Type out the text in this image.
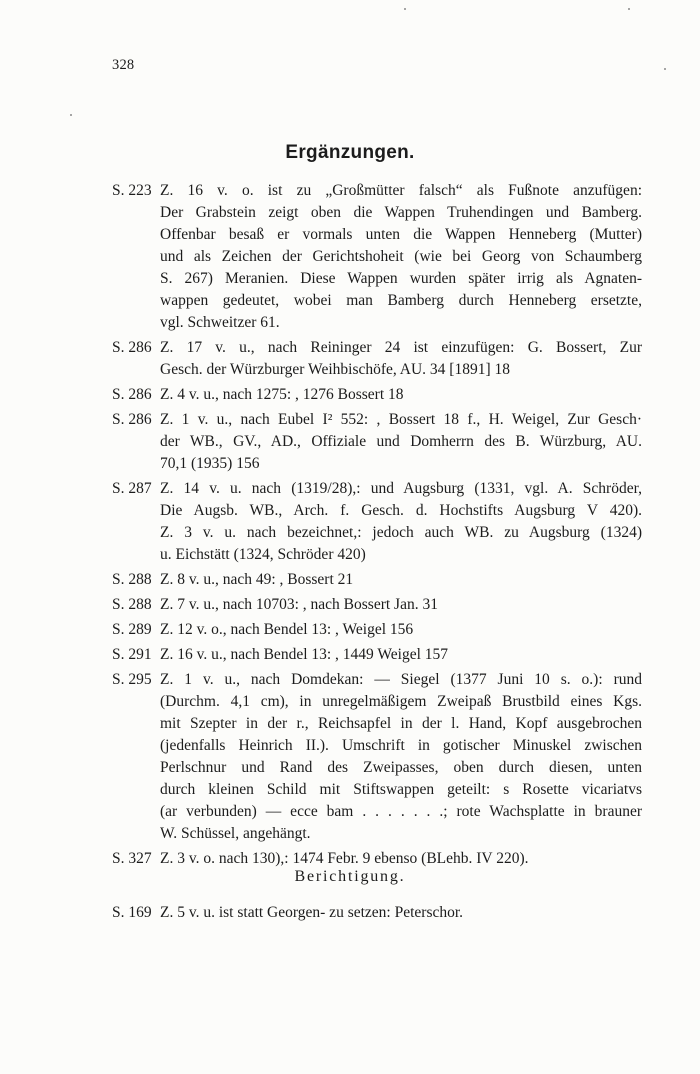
328
Ergänzungen.
S. 223 Z. 16 v. o. ist zu „Großmütter falsch“ als Fußnote anzufügen:
Der Grabstein zeigt oben die Wappen Truhendingen und Bamberg.
Offenbar besaß er vormals unten die Wappen Henneberg (Mutter)
und als Zeichen der Gerichtshoheit (wie bei Georg von Schaumberg
S. 267) Meranien. Diese Wappen wurden später irrig als Agnaten-
wappen gedeutet, wobei man Bamberg durch Henneberg ersetzte,
vgl. Schweitzer 61.
S. 286 Z. 17 v. u., nach Reininger 24 ist einzufügen: G. Bossert, Zur
Gesch. der Würzburger Weihbischöfe, AU. 34 [1891] 18
S. 286 Z. 4 v. u., nach 1275: , 1276 Bossert 18
S. 286 Z. 1 v. u., nach Eubel I² 552: , Bossert 18 f., H. Weigel, Zur Gesch·
der WB., GV., AD., Offiziale und Domherrn des B. Würzburg, AU.
70,1 (1935) 156
S. 287 Z. 14 v. u. nach (1319/28),: und Augsburg (1331, vgl. A. Schröder,
Die Augsb. WB., Arch. f. Gesch. d. Hochstifts Augsburg V 420).
Z. 3 v. u. nach bezeichnet,: jedoch auch WB. zu Augsburg (1324)
u. Eichstätt (1324, Schröder 420)
S. 288 Z. 8 v. u., nach 49: , Bossert 21
S. 288 Z. 7 v. u., nach 10703: , nach Bossert Jan. 31
S. 289 Z. 12 v. o., nach Bendel 13: , Weigel 156
S. 291 Z. 16 v. u., nach Bendel 13: , 1449 Weigel 157
S. 295 Z. 1 v. u., nach Domdekan: — Siegel (1377 Juni 10 s. o.): rund
(Durchm. 4,1 cm), in unregelmäßigem Zweipaß Brustbild eines Kgs.
mit Szepter in der r., Reichsapfel in der l. Hand, Kopf ausgebrochen
(jedenfalls Heinrich II.). Umschrift in gotischer Minuskel zwischen
Perlschnur und Rand des Zweipasses, oben durch diesen, unten
durch kleinen Schild mit Stiftswappen geteilt: s Rosette vicariatvs
(ar verbunden) — ecce bam . . . . . . .; rote Wachsplatte in brauner
W. Schüssel, angehängt.
S. 327 Z. 3 v. o. nach 130),: 1474 Febr. 9 ebenso (BLehb. IV 220).
Berichtigung.
S. 169 Z. 5 v. u. ist statt Georgen- zu setzen: Peterschor.
